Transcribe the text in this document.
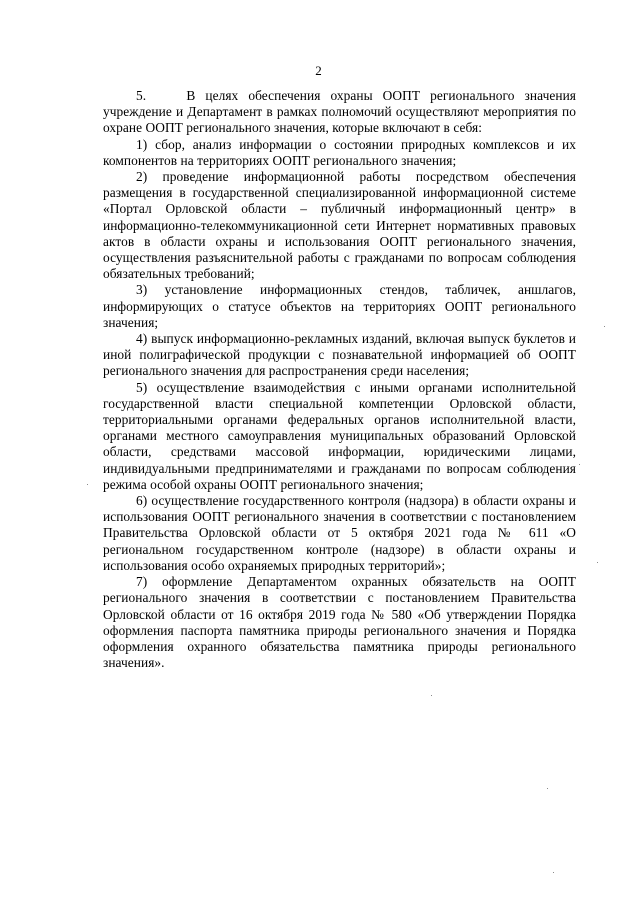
2

5.    В целях обеспечения охраны ООПТ регионального значения учреждение и Департамент в рамках полномочий осуществляют мероприятия по охране ООПТ регионального значения, которые включают в себя:

1) сбор, анализ информации о состоянии природных комплексов и их компонентов на территориях ООПТ регионального значения;

2) проведение информационной работы посредством обеспечения размещения в государственной специализированной информационной системе «Портал Орловской области – публичный информационный центр» в информационно-телекоммуникационной сети Интернет нормативных правовых актов в области охраны и использования ООПТ регионального значения, осуществления разъяснительной работы с гражданами по вопросам соблюдения обязательных требований;

3) установление информационных стендов, табличек, аншлагов, информирующих о статусе объектов на территориях ООПТ регионального значения;

4) выпуск информационно-рекламных изданий, включая выпуск буклетов и иной полиграфической продукции с познавательной информацией об ООПТ регионального значения для распространения среди населения;

5) осуществление взаимодействия с иными органами исполнительной государственной власти специальной компетенции Орловской области, территориальными органами федеральных органов исполнительной власти, органами местного самоуправления муниципальных образований Орловской области, средствами массовой информации, юридическими лицами, индивидуальными предпринимателями и гражданами по вопросам соблюдения режима особой охраны ООПТ регионального значения;

6) осуществление государственного контроля (надзора) в области охраны и использования ООПТ регионального значения в соответствии с постановлением Правительства Орловской области от 5 октября 2021 года № 611 «О региональном государственном контроле (надзоре) в области охраны и использования особо охраняемых природных территорий»;

7) оформление Департаментом охранных обязательств на ООПТ регионального значения в соответствии с постановлением Правительства Орловской области от 16 октября 2019 года № 580 «Об утверждении Порядка оформления паспорта памятника природы регионального значения и Порядка оформления охранного обязательства памятника природы регионального значения».
